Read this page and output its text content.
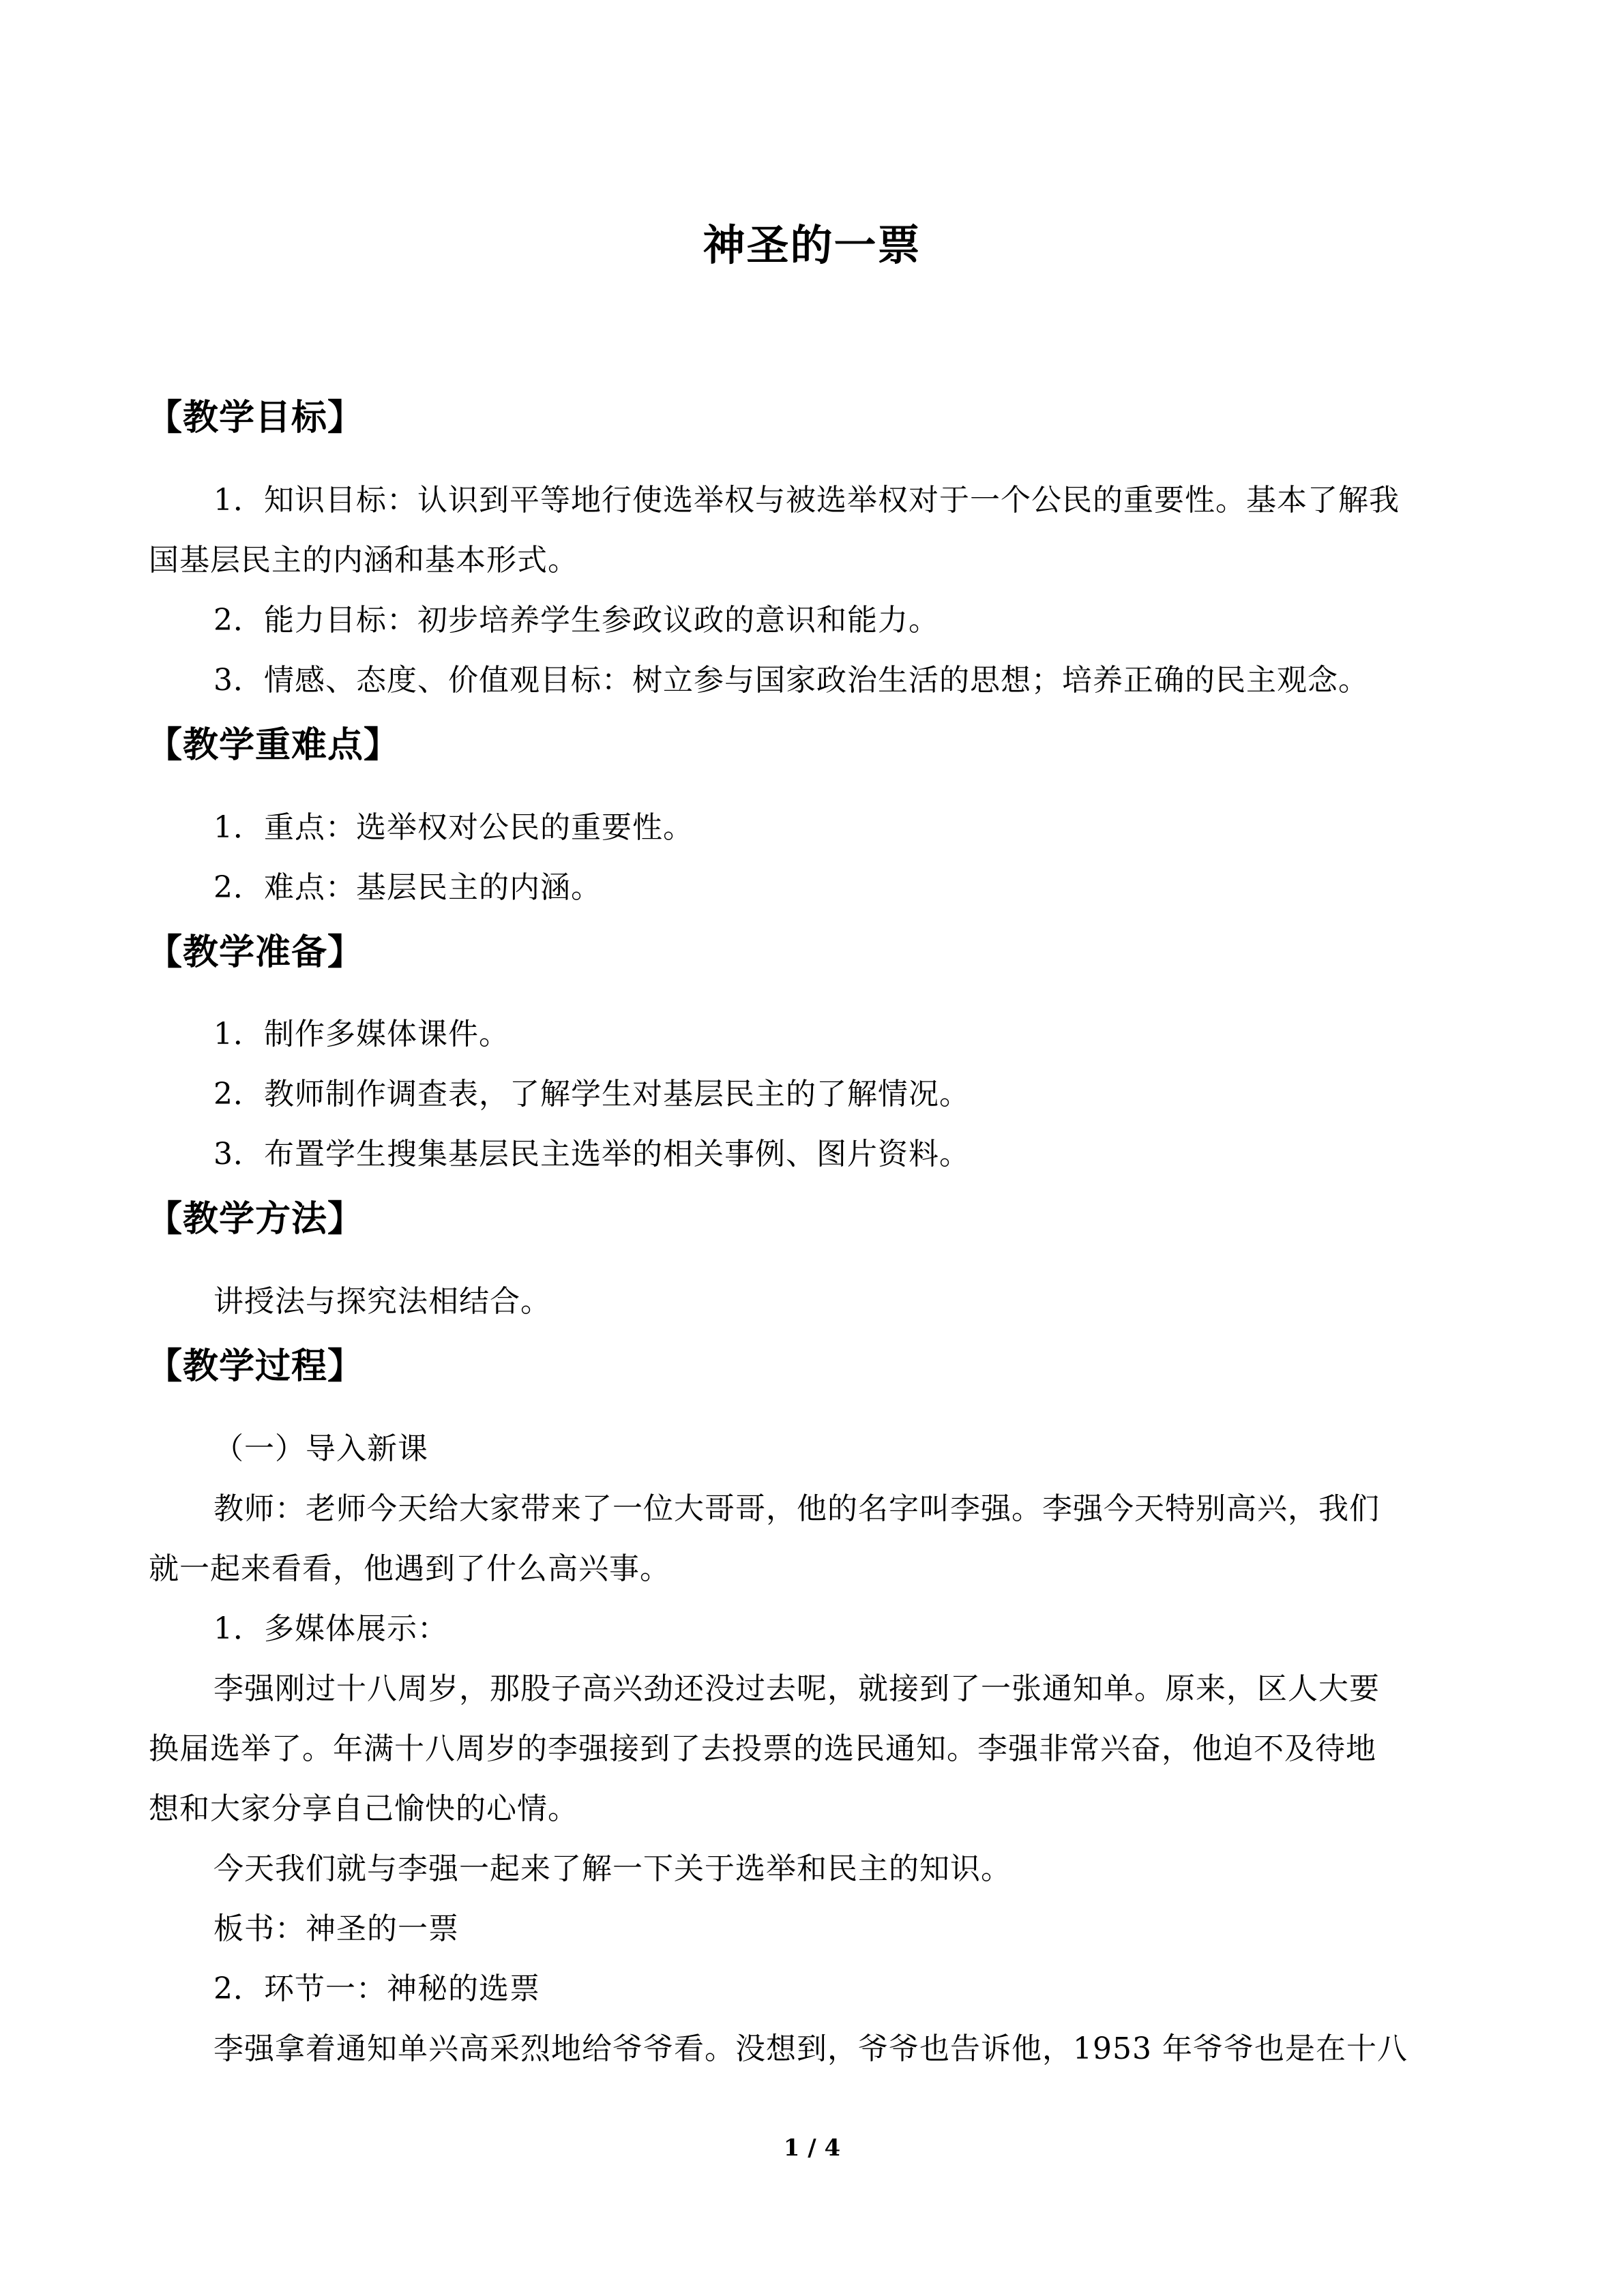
神圣的一票
【教学目标】
1．知识目标：认识到平等地行使选举权与被选举权对于一个公民的重要性。基本了解我
国基层民主的内涵和基本形式。
2．能力目标：初步培养学生参政议政的意识和能力。
3．情感、态度、价值观目标：树立参与国家政治生活的思想；培养正确的民主观念。
【教学重难点】
1．重点：选举权对公民的重要性。
2．难点：基层民主的内涵。
【教学准备】
1．制作多媒体课件。
2．教师制作调查表，了解学生对基层民主的了解情况。
3．布置学生搜集基层民主选举的相关事例、图片资料。
【教学方法】
讲授法与探究法相结合。
【教学过程】
（一）导入新课
教师：老师今天给大家带来了一位大哥哥，他的名字叫李强。李强今天特别高兴，我们
就一起来看看，他遇到了什么高兴事。
1．多媒体展示：
李强刚过十八周岁，那股子高兴劲还没过去呢，就接到了一张通知单。原来，区人大要
换届选举了。年满十八周岁的李强接到了去投票的选民通知。李强非常兴奋，他迫不及待地
想和大家分享自己愉快的心情。
今天我们就与李强一起来了解一下关于选举和民主的知识。
板书：神圣的一票
2．环节一：神秘的选票
李强拿着通知单兴高采烈地给爷爷看。没想到，爷爷也告诉他，1953 年爷爷也是在十八
1 / 4
